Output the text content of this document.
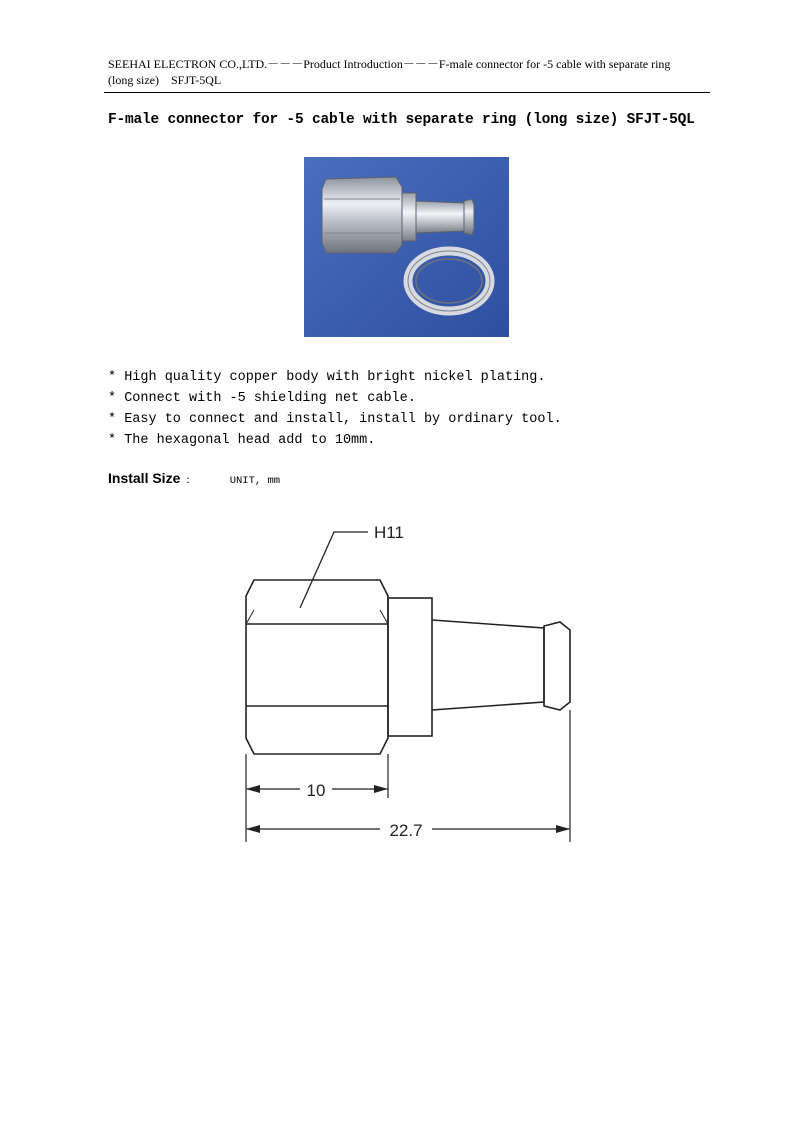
SEEHAI ELECTRON CO.,LTD.－－－Product Introduction－－－F-male connector for -5 cable with separate ring
(long size)　SFJT-5QL
F-male connector for -5 cable with separate ring (long size) SFJT-5QL
* High quality copper body with bright nickel plating.
* Connect with -5 shielding net cable.
* Easy to connect and install, install by ordinary tool.
* The hexagonal head add to 10mm.
Install Size :	UNIT, mm
H11
10
22.7
